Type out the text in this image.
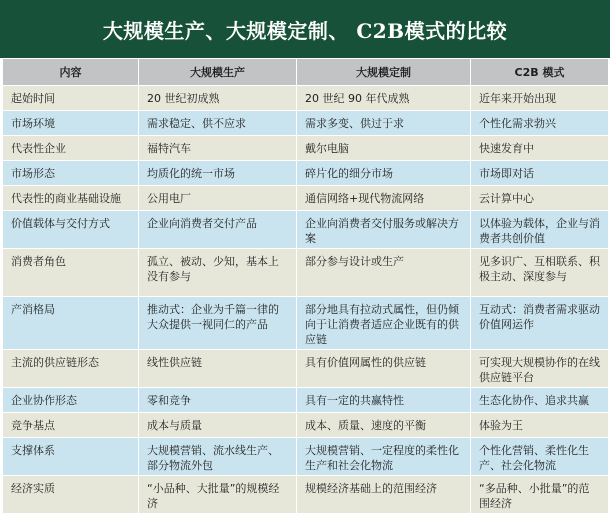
大规模生产、大规模定制、 C2B模式的比较
内容	大规模生产	大规模定制	C2B 模式
起始时间	20 世纪初成熟	20 世纪 90 年代成熟	近年来开始出现
市场环境	需求稳定、供不应求	需求多变、供过于求	个性化需求勃兴
代表性企业	福特汽车	戴尔电脑	快速发育中
市场形态	均质化的统一市场	碎片化的细分市场	市场即对话
代表性的商业基础设施	公用电厂	通信网络+现代物流网络	云计算中心
价值载体与交付方式	企业向消费者交付产品	企业向消费者交付服务或解决方案	以体验为载体，企业与消费者共创价值
消费者角色	孤立、被动、少知，基本上没有参与	部分参与设计或生产	见多识广、互相联系、积极主动、深度参与
产消格局	推动式：企业为千篇一律的大众提供一视同仁的产品	部分地具有拉动式属性，但仍倾向于让消费者适应企业既有的供应链	互动式：消费者需求驱动价值网运作
主流的供应链形态	线性供应链	具有价值网属性的供应链	可实现大规模协作的在线供应链平台
企业协作形态	零和竞争	具有一定的共赢特性	生态化协作、追求共赢
竞争基点	成本与质量	成本、质量、速度的平衡	体验为王
支撑体系	大规模营销、流水线生产、部分物流外包	大规模营销、一定程度的柔性化生产和社会化物流	个性化营销、柔性化生产、社会化物流
经济实质	“小品种、大批量”的规模经济	规模经济基础上的范围经济	“多品种、小批量”的范围经济
